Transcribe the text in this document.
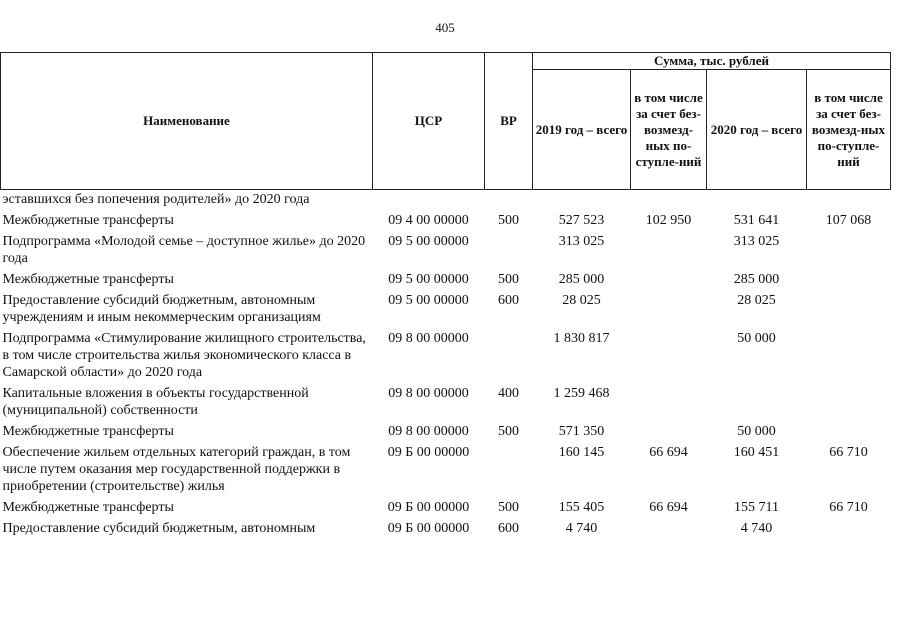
405
Наименование	ЦСР	ВР	Сумма, тыс. рублей			
			2019 год – всего	в том числе за счет без-возмезд-ных по-ступле-ний	2020 год – всего	в том числе за счет без-возмезд-ных по-ступле-ний
эставшихся без попечения родителей» до 2020 года						
Межбюджетные трансферты	09 4 00 00000	500	527 523	102 950	531 641	107 068
Подпрограмма «Молодой семье – доступное жилье» до 2020 года	09 5 00 00000		313 025		313 025	
Межбюджетные трансферты	09 5 00 00000	500	285 000		285 000	
Предоставление субсидий бюджетным, автономным учреждениям и иным некоммерческим организациям	09 5 00 00000	600	28 025		28 025	
Подпрограмма «Стимулирование жилищного строительства, в том числе строительства жилья экономического класса в Самарской области» до 2020 года	09 8 00 00000		1 830 817		50 000	
Капитальные вложения в объекты государственной (муниципальной) собственности	09 8 00 00000	400	1 259 468			
Межбюджетные трансферты	09 8 00 00000	500	571 350		50 000	
Обеспечение жильем отдельных категорий граждан, в том числе путем оказания мер государственной поддержки в приобретении (строительстве) жилья	09 Б 00 00000		160 145	66 694	160 451	66 710
Межбюджетные трансферты	09 Б 00 00000	500	155 405	66 694	155 711	66 710
Предоставление субсидий бюджетным, автономным	09 Б 00 00000	600	4 740		4 740	
